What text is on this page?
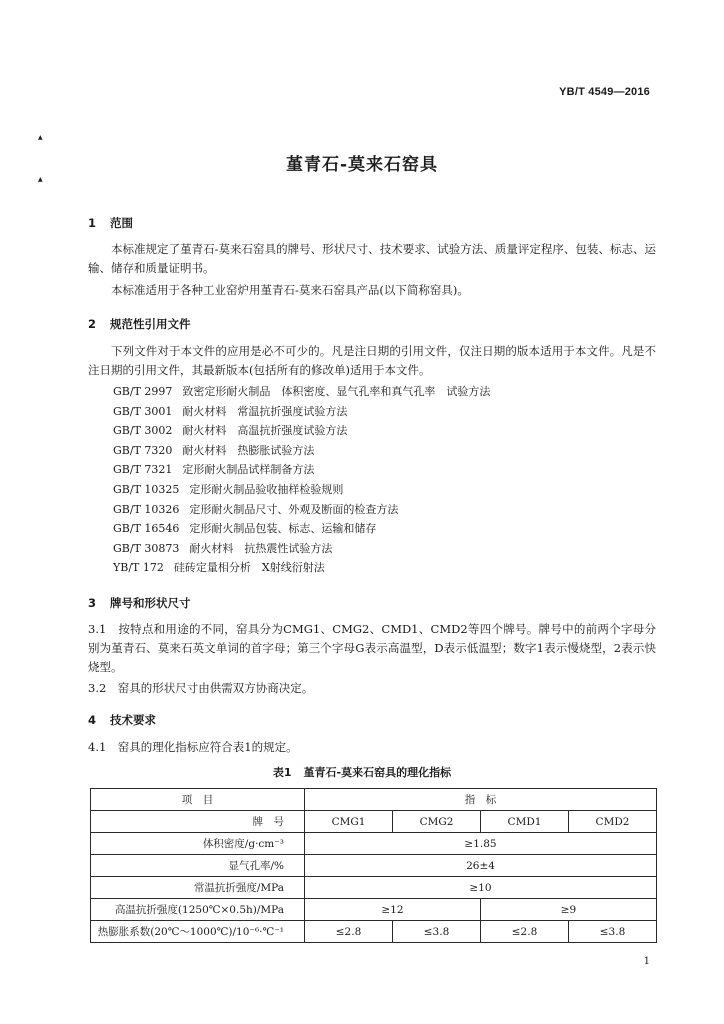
YB/T 4549—2016
▲
▲
堇青石-莫来石窑具
1 范围
本标准规定了堇青石-莫来石窑具的牌号、形状尺寸、技术要求、试验方法、质量评定程序、包装、标志、运输、储存和质量证明书。
本标准适用于各种工业窑炉用堇青石-莫来石窑具产品(以下简称窑具)。
2 规范性引用文件
下列文件对于本文件的应用是必不可少的。凡是注日期的引用文件，仅注日期的版本适用于本文件。凡是不注日期的引用文件，其最新版本(包括所有的修改单)适用于本文件。
GB/T 2997 致密定形耐火制品　体积密度、显气孔率和真气孔率　试验方法
GB/T 3001 耐火材料　常温抗折强度试验方法
GB/T 3002 耐火材料　高温抗折强度试验方法
GB/T 7320 耐火材料　热膨胀试验方法
GB/T 7321 定形耐火制品试样制备方法
GB/T 10325 定形耐火制品验收抽样检验规则
GB/T 10326 定形耐火制品尺寸、外观及断面的检查方法
GB/T 16546 定形耐火制品包装、标志、运输和储存
GB/T 30873 耐火材料　抗热震性试验方法
YB/T 172 硅砖定量相分析　X射线衍射法
3 牌号和形状尺寸
3.1　 按特点和用途的不同，窑具分为CMG1、CMG2、CMD1、CMD2等四个牌号。牌号中的前两个字母分别为堇青石、莫来石英文单词的首字母；第三个字母G表示高温型，D表示低温型；数字1表示慢烧型，2表示快烧型。
3.2　 窑具的形状尺寸由供需双方协商决定。
4 技术要求
4.1　 窑具的理化指标应符合表1的规定。
表1 堇青石-莫来石窑具的理化指标
项　目	指　标			
牌　号	CMG1	CMG2	CMD1	CMD2
体积密度/g·cm⁻³	≥1.85			
显气孔率/%	26±4			
常温抗折强度/MPa	≥10			
高温抗折强度(1250℃×0.5h)/MPa	≥12		≥9	
热膨胀系数(20℃～1000℃)/10⁻⁶·℃⁻¹	≤2.8	≤3.8	≤2.8	≤3.8
1
